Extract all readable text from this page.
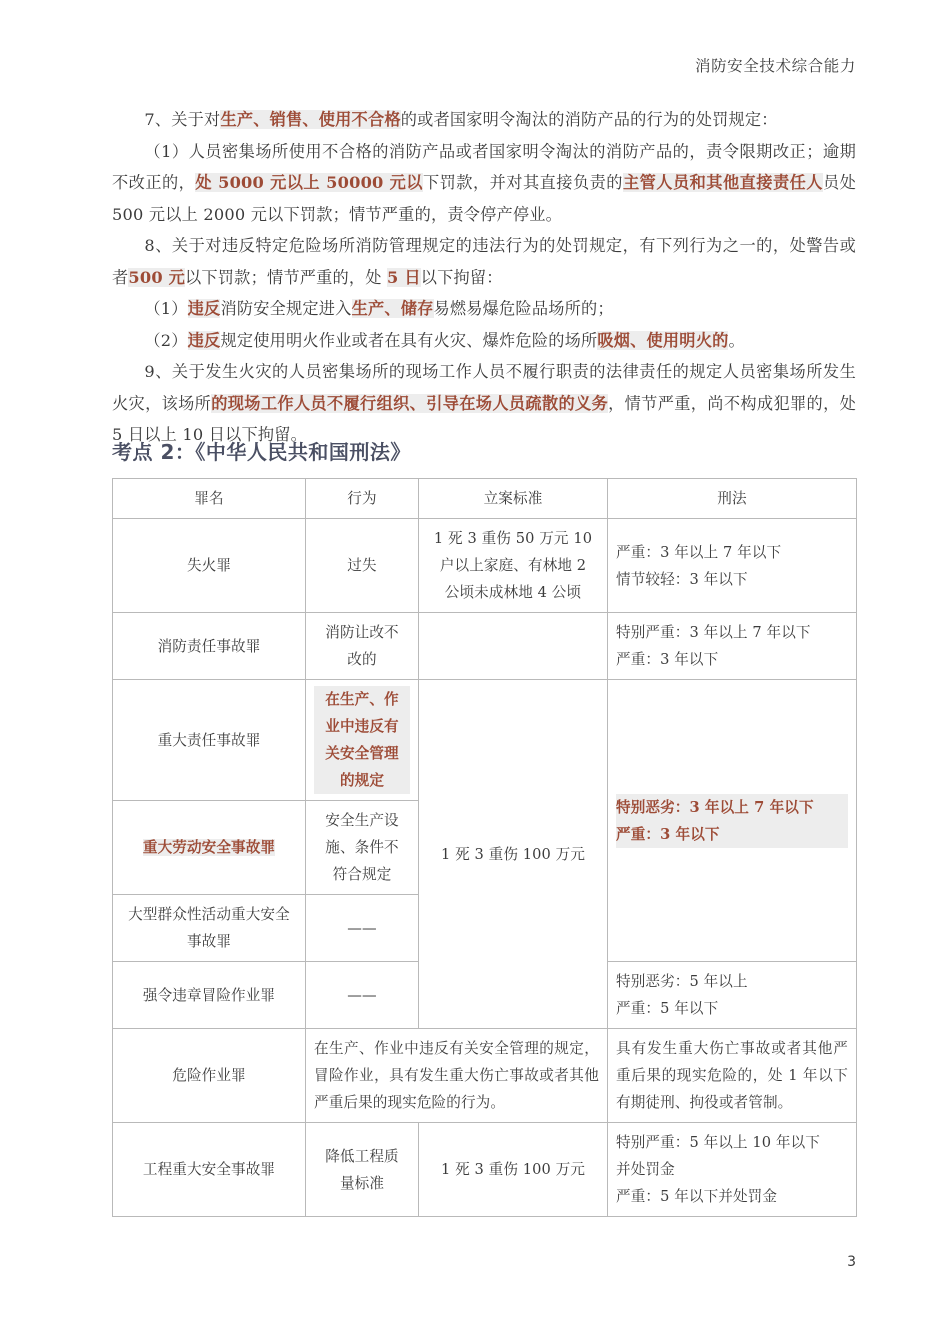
消防安全技术综合能力

7、关于对生产、销售、使用不合格的或者国家明令淘汰的消防产品的行为的处罚规定：

（1）人员密集场所使用不合格的消防产品或者国家明令淘汰的消防产品的，责令限期改正；逾期不改正的，处 5000 元以上 50000 元以下罚款，并对其直接负责的主管人员和其他直接责任人员处 500 元以上 2000 元以下罚款；情节严重的，责令停产停业。

8、关于对违反特定危险场所消防管理规定的违法行为的处罚规定，有下列行为之一的，处警告或者500 元以下罚款；情节严重的，处 5 日以下拘留：

（1）违反消防安全规定进入生产、储存易燃易爆危险品场所的；

（2）违反规定使用明火作业或者在具有火灾、爆炸危险的场所吸烟、使用明火的。

9、关于发生火灾的人员密集场所的现场工作人员不履行职责的法律责任的规定人员密集场所发生火灾，该场所的现场工作人员不履行组织、引导在场人员疏散的义务，情节严重，尚不构成犯罪的，处 5 日以上 10 日以下拘留。

考点 2：《中华人民共和国刑法》
罪名	行为	立案标准	刑法
失火罪	过失	1 死 3 重伤 50 万元 10
户以上家庭、有林地 2
公顷未成林地 4 公顷	严重：3 年以上 7 年以下
情节较轻：3 年以下

消防责任事故罪	消防让改不
改的		特别严重：3 年以上 7 年以下
严重：3 年以下

重大责任事故罪	在生产、作
业中违反有
关安全管理
的规定	1 死 3 重伤 100 万元	特别恶劣：3 年以上 7 年以下
严重：3 年以下

重大劳动安全事故罪	安全生产设
施、条件不
符合规定		

大型群众性活动重大安全事故罪	——		

强令违章冒险作业罪	——		特别恶劣：5 年以上
严重：5 年以下

危险作业罪	在生产、作业中违反有关安全管理的规定，冒险作业，具有发生重大伤亡事故或者其他严重后果的现实危险的行为。		具有发生重大伤亡事故或者其他严重后果的现实危险的，处 1 年以下有期徒刑、拘役或者管制。
工程重大安全事故罪	降低工程质
量标准	1 死 3 重伤 100 万元	特别严重：5 年以上 10 年以下
并处罚金
严重：5 年以下并处罚金
3
